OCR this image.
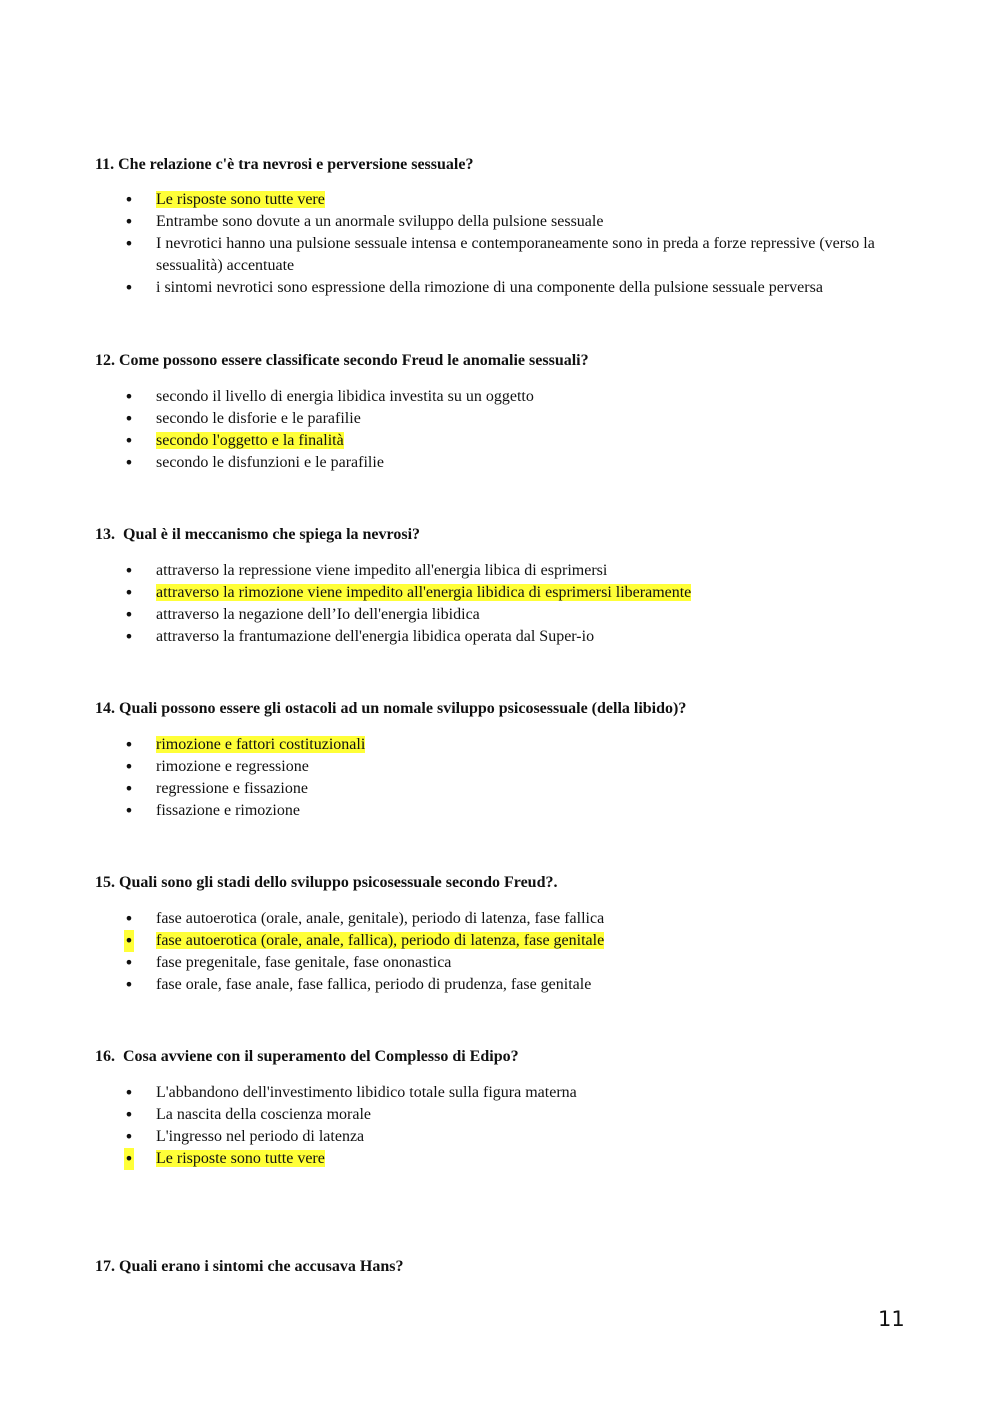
11. Che relazione c'è tra nevrosi e perversione sessuale?

• Le risposte sono tutte vere
• Entrambe sono dovute a un anormale sviluppo della pulsione sessuale
• I nevrotici hanno una pulsione sessuale intensa e contemporaneamente sono in preda a forze repressive (verso la sessualità) accentuate
• i sintomi nevrotici sono espressione della rimozione di una componente della pulsione sessuale perversa

12. Come possono essere classificate secondo Freud le anomalie sessuali?

• secondo il livello di energia libidica investita su un oggetto
• secondo le disforie e le parafilie
• secondo l'oggetto e la finalità
• secondo le disfunzioni e le parafilie

13.  Qual è il meccanismo che spiega la nevrosi?

• attraverso la repressione viene impedito all'energia libica di esprimersi
• attraverso la rimozione viene impedito all'energia libidica di esprimersi liberamente
• attraverso la negazione dell’Io dell'energia libidica
• attraverso la frantumazione dell'energia libidica operata dal Super-io

14. Quali possono essere gli ostacoli ad un nomale sviluppo psicosessuale (della libido)?

• rimozione e fattori costituzionali
• rimozione e regressione
• regressione e fissazione
• fissazione e rimozione

15. Quali sono gli stadi dello sviluppo psicosessuale secondo Freud?.

• fase autoerotica (orale, anale, genitale), periodo di latenza, fase fallica
• fase autoerotica (orale, anale, fallica), periodo di latenza, fase genitale
• fase pregenitale, fase genitale, fase ononastica
• fase orale, fase anale, fase fallica, periodo di prudenza, fase genitale

16.  Cosa avviene con il superamento del Complesso di Edipo?

• L'abbandono dell'investimento libidico totale sulla figura materna
• La nascita della coscienza morale
• L'ingresso nel periodo di latenza
• Le risposte sono tutte vere

17. Quali erano i sintomi che accusava Hans?

11
